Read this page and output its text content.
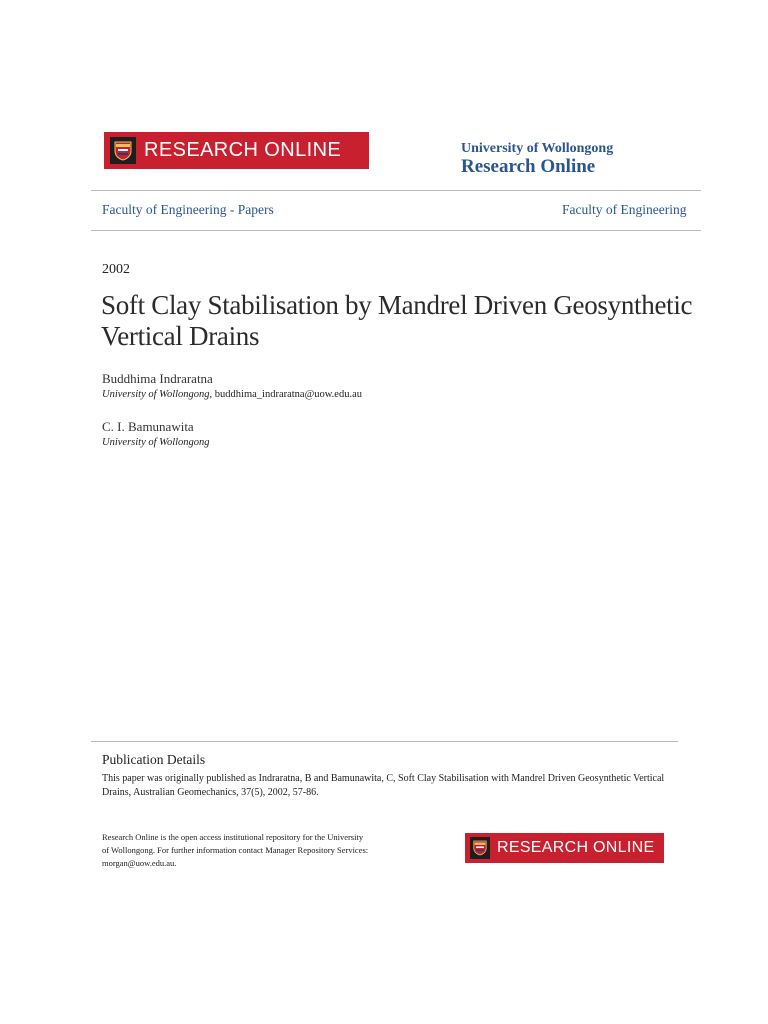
RESEARCH ONLINE	University of Wollongong
Research Online
Faculty of Engineering - Papers	Faculty of Engineering
2002
Soft Clay Stabilisation by Mandrel Driven Geosynthetic Vertical Drains
Buddhima Indraratna
University of Wollongong, buddhima_indraratna@uow.edu.au
C. I. Bamunawita
University of Wollongong
Publication Details
This paper was originally published as Indraratna, B and Bamunawita, C, Soft Clay Stabilisation with Mandrel Driven Geosynthetic Vertical Drains, Australian Geomechanics, 37(5), 2002, 57-86.
Research Online is the open access institutional repository for the University of Wollongong. For further information contact Manager Repository Services: morgan@uow.edu.au.
RESEARCH ONLINE
